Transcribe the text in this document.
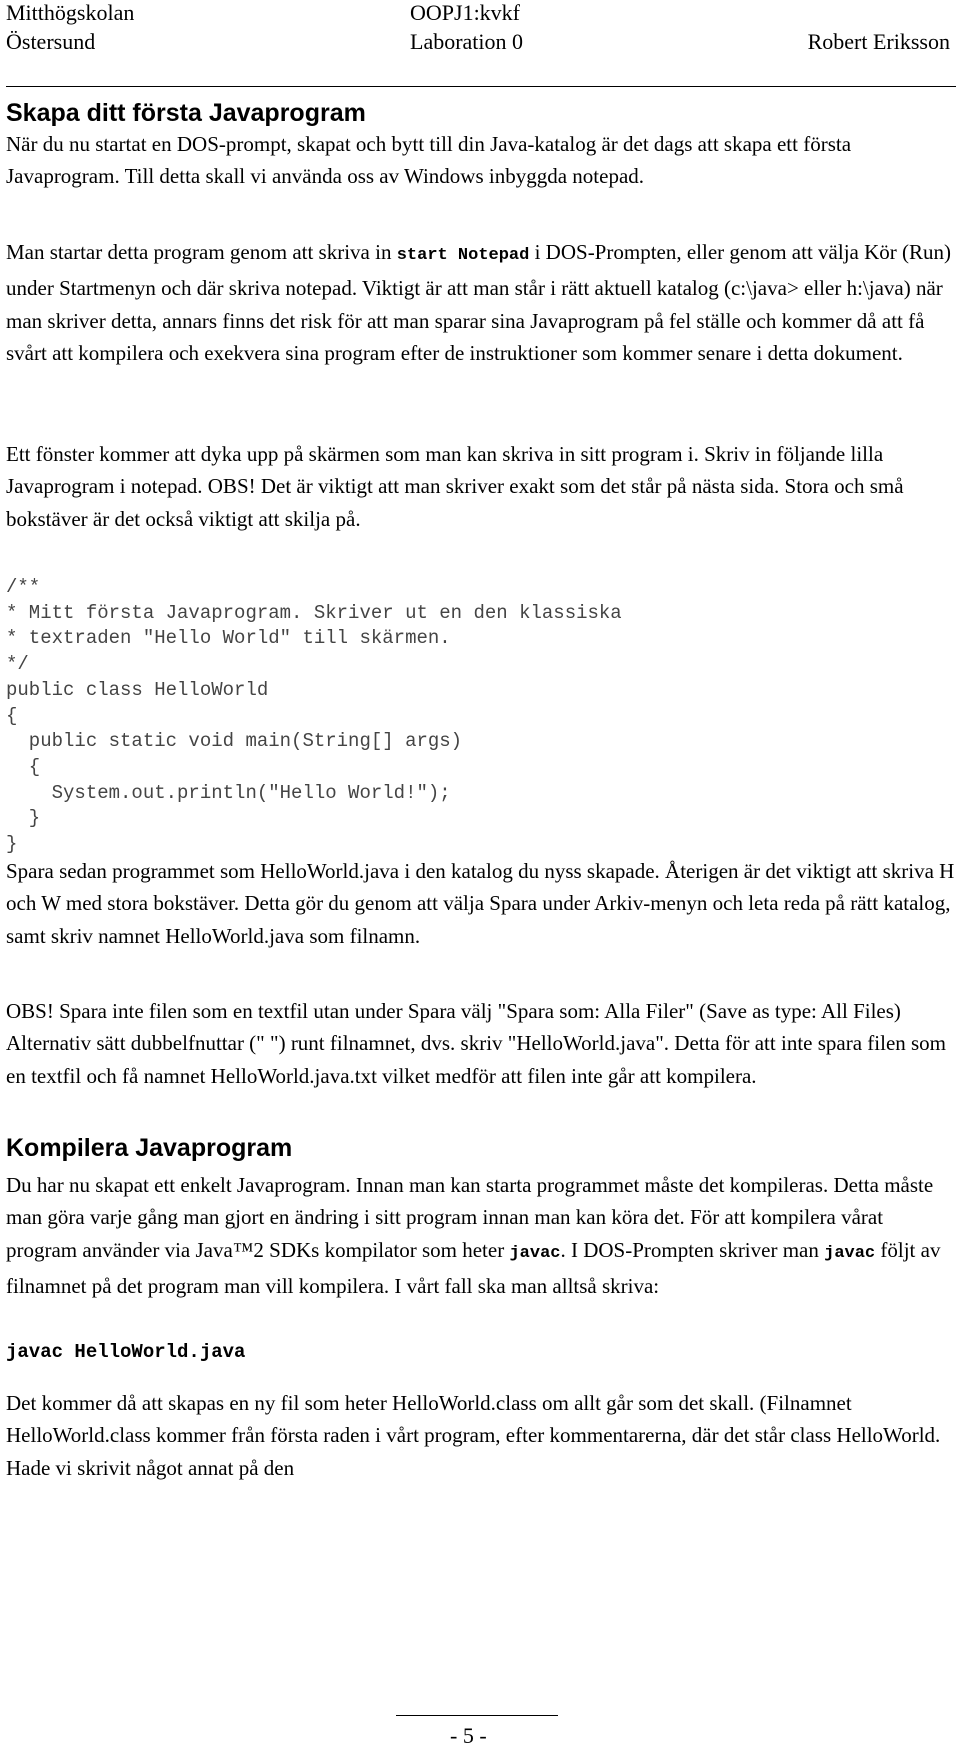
Mitthögskolan
Östersund
OOPJ1:kvkf
Laboration 0	Robert Eriksson
Skapa ditt första Javaprogram

När du nu startat en DOS-prompt, skapat och bytt till din Java-katalog är det dags att skapa ett första Javaprogram. Till detta skall vi använda oss av Windows inbyggda notepad.

Man startar detta program genom att skriva in start Notepad i DOS-Prompten, eller genom att välja Kör (Run) under Startmenyn och där skriva notepad. Viktigt är att man står i rätt aktuell katalog (c:\java> eller h:\java) när man skriver detta, annars finns det risk för att man sparar sina Javaprogram på fel ställe och kommer då att få svårt att kompilera och exekvera sina program efter de instruktioner som kommer senare i detta dokument.

Ett fönster kommer att dyka upp på skärmen som man kan skriva in sitt program i. Skriv in följande lilla Javaprogram i notepad. OBS! Det är viktigt att man skriver exakt som det står på nästa sida. Stora och små bokstäver är det också viktigt att skilja på.

/**
* Mitt första Javaprogram. Skriver ut en den klassiska
* textraden "Hello World" till skärmen.
*/
public class HelloWorld
{
public static void main(String[] args)
{
System.out.println("Hello World!");
}
}

Spara sedan programmet som HelloWorld.java i den katalog du nyss skapade. Återigen är det viktigt att skriva H och W med stora bokstäver. Detta gör du genom att välja Spara under Arkiv-menyn och leta reda på rätt katalog, samt skriv namnet HelloWorld.java som filnamn.

OBS! Spara inte filen som en textfil utan under Spara välj "Spara som: Alla Filer" (Save as type: All Files) Alternativ sätt dubbelfnuttar (" ") runt filnamnet, dvs. skriv "HelloWorld.java". Detta för att inte spara filen som en textfil och få namnet HelloWorld.java.txt vilket medför att filen inte går att kompilera.

Kompilera Javaprogram

Du har nu skapat ett enkelt Javaprogram. Innan man kan starta programmet måste det kompileras. Detta måste man göra varje gång man gjort en ändring i sitt program innan man kan köra det. För att kompilera vårat program använder via Java™2 SDKs kompilator som heter javac. I DOS-Prompten skriver man javac följt av filnamnet på det program man vill kompilera. I vårt fall ska man alltså skriva:

javac HelloWorld.java

Det kommer då att skapas en ny fil som heter HelloWorld.class om allt går som det skall. (Filnamnet HelloWorld.class kommer från första raden i vårt program, efter kommentarerna, där det står class HelloWorld. Hade vi skrivit något annat på den

- 5 -
